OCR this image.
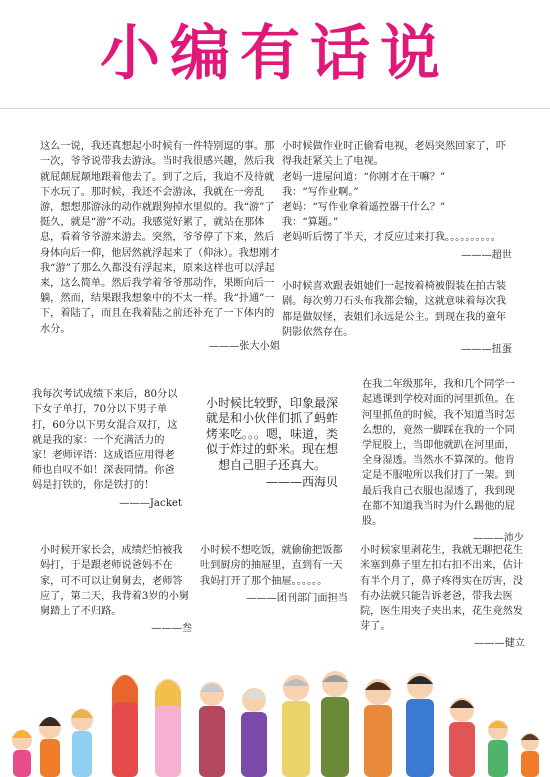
小编有话说

这么一说，我还真想起小时候有一件特别逗的事。那一次，爷爷说带我去游泳。当时我很感兴趣，然后我就屁颠屁颠地跟着他去了。到了之后，我迫不及待就下水玩了。那时候，我还不会游泳，我就在一旁乱游，想想那游泳的动作就跟狗掉水里似的。我“游”了挺久，就是“游”不动。我感觉好累了，就站在那体息，看着爷爷游来游去。突然，爷爷停了下来，然后身体向后一仰，他居然就浮起来了（仰泳）。我想刚才我“游”了那么久都没有浮起来，原来这样也可以浮起来，这么简单。然后我学着爷爷那动作，果断向后一躺，然而，结果跟我想象中的不太一样。我“扑通”一下，着陆了，而且在我着陆之前还补充了一下体内的水分。

———张大小姐

小时候做作业时正偷看电视，老妈突然回家了，吓得我赶紧关上了电视。
老妈一进屋问道：“你刚才在干嘛？”
我：“写作业啊。”
老妈：“写作业拿着遥控器干什么？”
我：“算题。”
老妈听后愣了半天，才反应过来打我。。。。。。。。。。

———超世

小时候喜欢跟表姐她们一起按着椅被假装在拍古装剧。每次剪刀石头布我都会输，这就意味着每次我都是做奴怪，表姐们永远是公主。到现在我的童年阴影依然存在。

———扭蛋

我每次考试成绩下来后，80分以下女子单打，70分以下男子单打，60分以下男女混合双打，这就是我的家：一个充满活力的家！老师评语：这成语应用得老师也自叹不如！深表同情。你爸妈是打铁的，你是铁打的！

———Jacket

小时候比较野，印象最深就是和小伙伴们抓了蚂蚱烤来吃。。。嗯，味道，类似于炸过的虾米。现在想想自己胆子还真大。

———西海贝

在我二年级那年，我和几个同学一起逃课到学校对面的河里抓鱼。在河里抓鱼的时候，我不知道当时怎么想的，竟然一脚踩在我的一个同学屁股上，当即他就趴在河里面，全身湿透。当然水不算深的。他肯定是不服啦所以我们打了一架。到最后我自己衣服也湿透了，我到现在都不知道我当时为什么踢他的屁股。

———沛少

小时候开家长会，成绩烂怕被我妈打，于是跟老师说爸妈不在家，可不可以让舅舅去，老师答应了，第二天，我背着3岁的小舅舅踏上了不归路。

———叁

小时候不想吃饭，就偷偷把饭都吐到厨房的抽屉里，直到有一天我妈打开了那个抽屉。。。。。。

———团刊部门面担当

小时候家里剥花生，我就无聊把花生米塞到鼻子里左扣右扣不出来，估计有半个月了，鼻子疼得实在厉害，没有办法就只能告诉老爸，带我去医院，医生用夹子夹出来，花生竟然发芽了。

———健立
